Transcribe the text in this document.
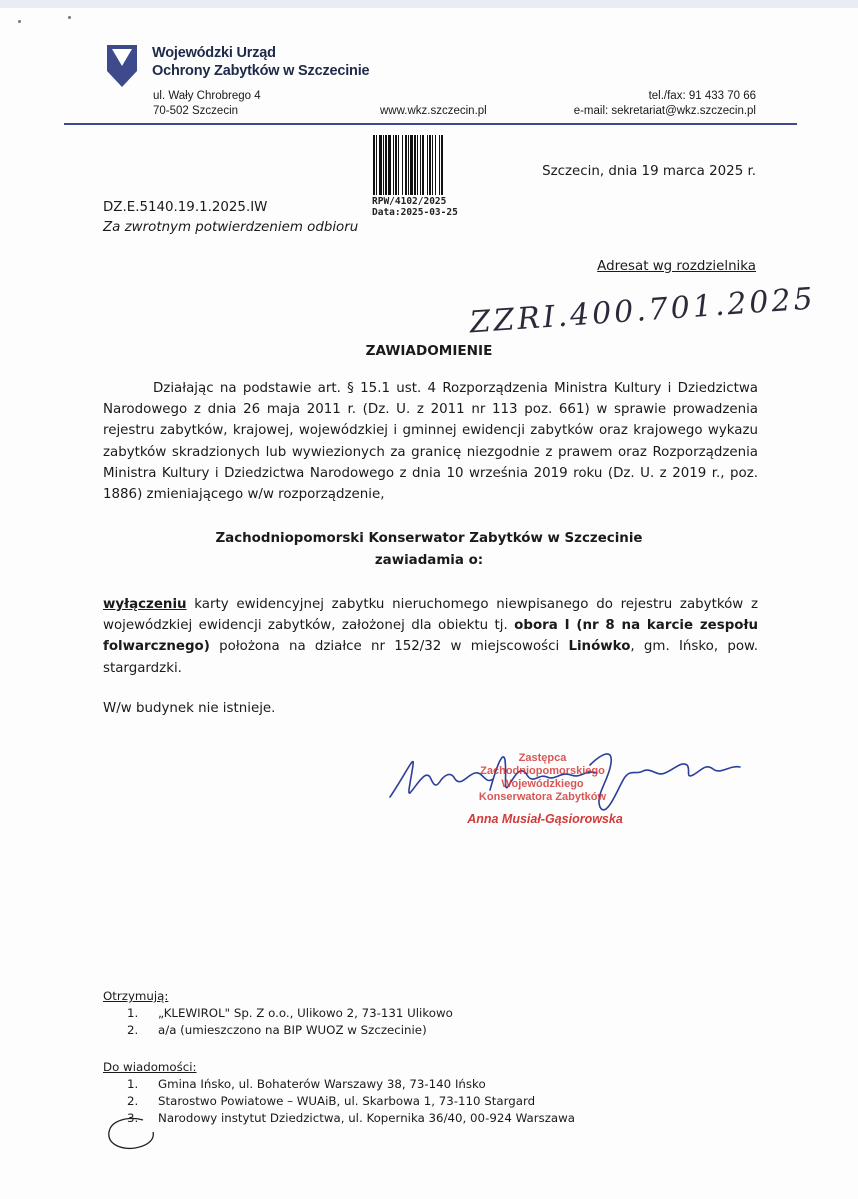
Wojewódzki Urząd
Ochrony Zabytków w Szczecinie
ul. Wały Chrobrego 4
70-502 Szczecin	www.wkz.szczecin.pl
tel./fax: 91 433 70 66
e-mail: sekretariat@wkz.szczecin.pl
RPW/4102/2025
Data:2025-03-25
Szczecin, dnia 19 marca 2025 r.
DZ.E.5140.19.1.2025.IW
Za zwrotnym potwierdzeniem odbioru
Adresat wg rozdzielnika
ZZRI.400.701.2025
ZAWIADOMIENIE
Działając na podstawie art. § 15.1 ust. 4 Rozporządzenia Ministra Kultury i Dziedzictwa Narodowego z dnia 26 maja 2011 r. (Dz. U. z 2011 nr 113 poz. 661) w sprawie prowadzenia rejestru zabytków, krajowej, wojewódzkiej i gminnej ewidencji zabytków oraz krajowego wykazu zabytków skradzionych lub wywiezionych za granicę niezgodnie z prawem oraz Rozporządzenia Ministra Kultury i Dziedzictwa Narodowego z dnia 10 września 2019 roku (Dz. U. z 2019 r., poz. 1886) zmieniającego w/w rozporządzenie,
Zachodniopomorski Konserwator Zabytków w Szczecinie
zawiadamia o:
wyłączeniu karty ewidencyjnej zabytku nieruchomego niewpisanego do rejestru zabytków z wojewódzkiej ewidencji zabytków, założonej dla obiektu tj. obora I (nr 8 na karcie zespołu folwarcznego) położona na działce nr 152/32 w miejscowości Linówko, gm. Ińsko, pow. stargardzki.
W/w budynek nie istnieje.
Zastępca
Zachodniopomorskiego Wojewódzkiego
Konserwatora Zabytków
Anna Musiał-Gąsiorowska
Otrzymują:
1.	„KLEWIROL" Sp. Z o.o., Ulikowo 2, 73-131 Ulikowo
2.	a/a (umieszczono na BIP WUOZ w Szczecinie)
Do wiadomości:
1.	Gmina Ińsko, ul. Bohaterów Warszawy 38, 73-140 Ińsko
2.	Starostwo Powiatowe – WUAiB, ul. Skarbowa 1, 73-110 Stargard
3.	Narodowy instytut Dziedzictwa, ul. Kopernika 36/40, 00-924 Warszawa
